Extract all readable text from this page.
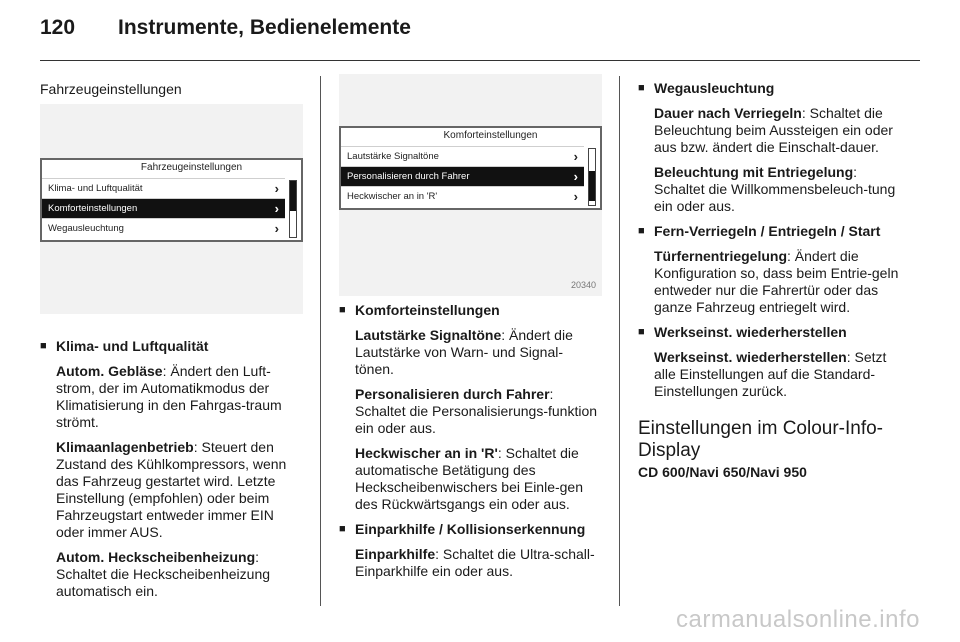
120 Instrumente, Bedienelemente
Fahrzeugeinstellungen
Fahrzeugeinstellungen
Klima- und Luftqualität	›
Komforteinstellungen	›
Wegausleuchtung	›
■ Klima- und Luftqualität
Autom. Gebläse: Ändert den Luft-strom, der im Automatikmodus der Klimatisierung in den Fahrgas-traum strömt.
Klimaanlagenbetrieb: Steuert den Zustand des Kühlkompressors, wenn das Fahrzeug gestartet wird. Letzte Einstellung (empfohlen) oder beim Fahrzeugstart entweder immer EIN oder immer AUS.
Autom. Heckscheibenheizung: Schaltet die Heckscheibenheizung automatisch ein.
Komforteinstellungen
Lautstärke Signaltöne	›
Personalisieren durch Fahrer	›
Heckwischer an in 'R'	›
20340
■ Komforteinstellungen
Lautstärke Signaltöne: Ändert die Lautstärke von Warn- und Signal-tönen.
Personalisieren durch Fahrer: Schaltet die Personalisierungs-funktion ein oder aus.
Heckwischer an in 'R': Schaltet die automatische Betätigung des Heckscheibenwischers bei Einle-gen des Rückwärtsgangs ein oder aus.
■ Einparkhilfe / Kollisionserkennung
Einparkhilfe: Schaltet die Ultra-schall-Einparkhilfe ein oder aus.
■ Wegausleuchtung
Dauer nach Verriegeln: Schaltet die Beleuchtung beim Aussteigen ein oder aus bzw. ändert die Einschalt-dauer.
Beleuchtung mit Entriegelung: Schaltet die Willkommensbeleuch-tung ein oder aus.
■ Fern-Verriegeln / Entriegeln / Start
Türfernentriegelung: Ändert die Konfiguration so, dass beim Entrie-geln entweder nur die Fahrertür oder das ganze Fahrzeug entriegelt wird.
■ Werkseinst. wiederherstellen
Werkseinst. wiederherstellen: Setzt alle Einstellungen auf die Standard-Einstellungen zurück.
Einstellungen im Colour-Info-Display
CD 600/Navi 650/Navi 950
carmanualsonline.info
